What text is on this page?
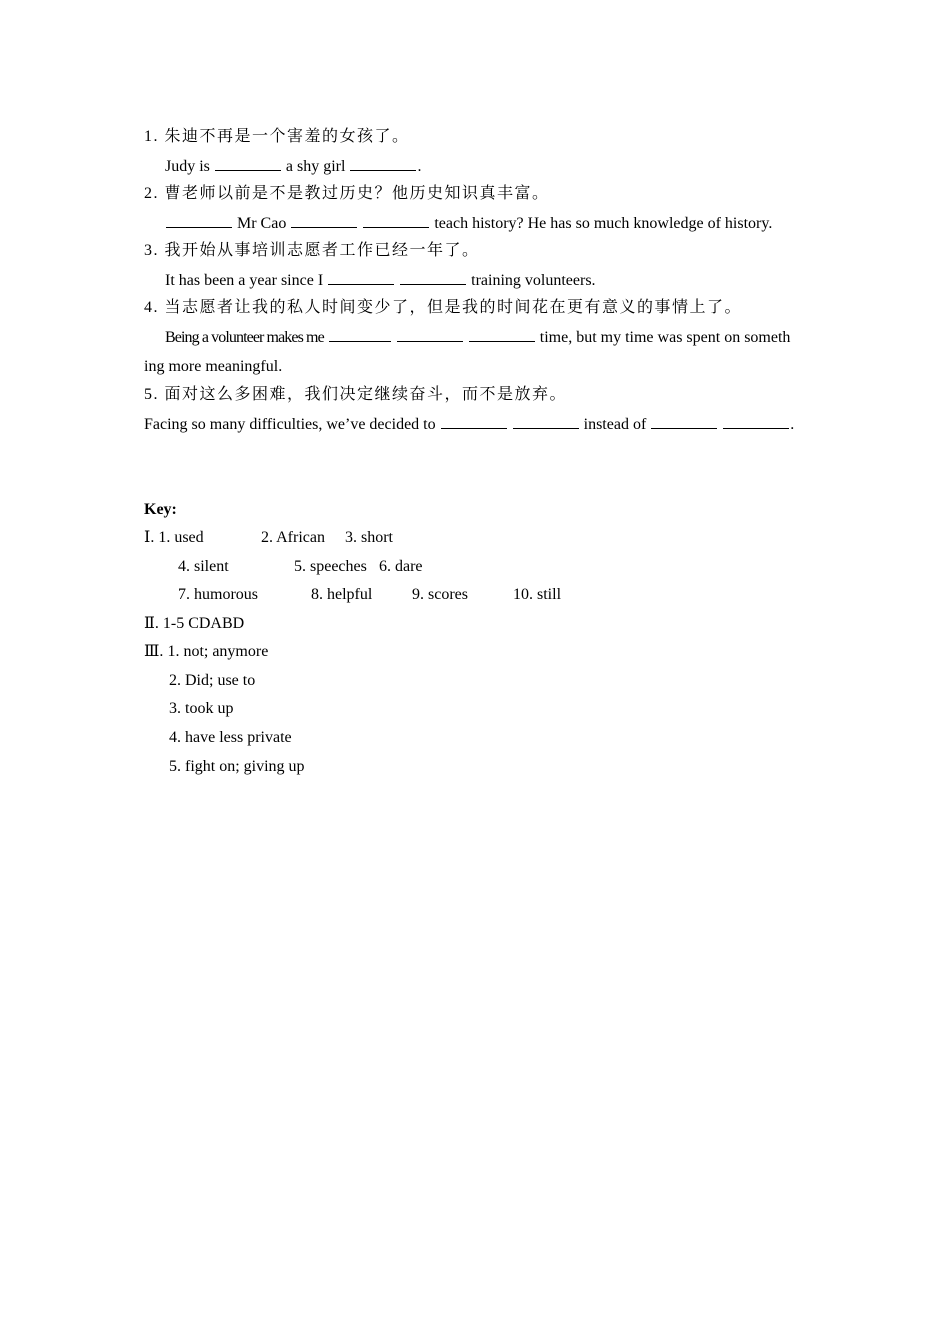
1. 朱迪不再是一个害羞的女孩了。
Judy is	a shy girl	.
2. 曹老师以前是不是教过历史？他历史知识真丰富。
Mr Cao	teach history? He has so much knowledge of history.
3. 我开始从事培训志愿者工作已经一年了。
It has been a year since I	training volunteers.
4. 当志愿者让我的私人时间变少了，但是我的时间花在更有意义的事情上了。
Being a volunteer makes me	time, but my time was spent on someth
ing more meaningful.
5. 面对这么多困难，我们决定继续奋斗，而不是放弃。
Facing so many difficulties, we’ve decided to	instead of	.
Key:
Ⅰ. 1. used	2. African 3. short
4. silent	5. speeches 6. dare
7. humorous	8. helpful 9. scores	10. still
Ⅱ. 1-5 CDABD
Ⅲ. 1. not; anymore
2. Did; use to
3. took up
4. have less private
5. fight on; giving up
